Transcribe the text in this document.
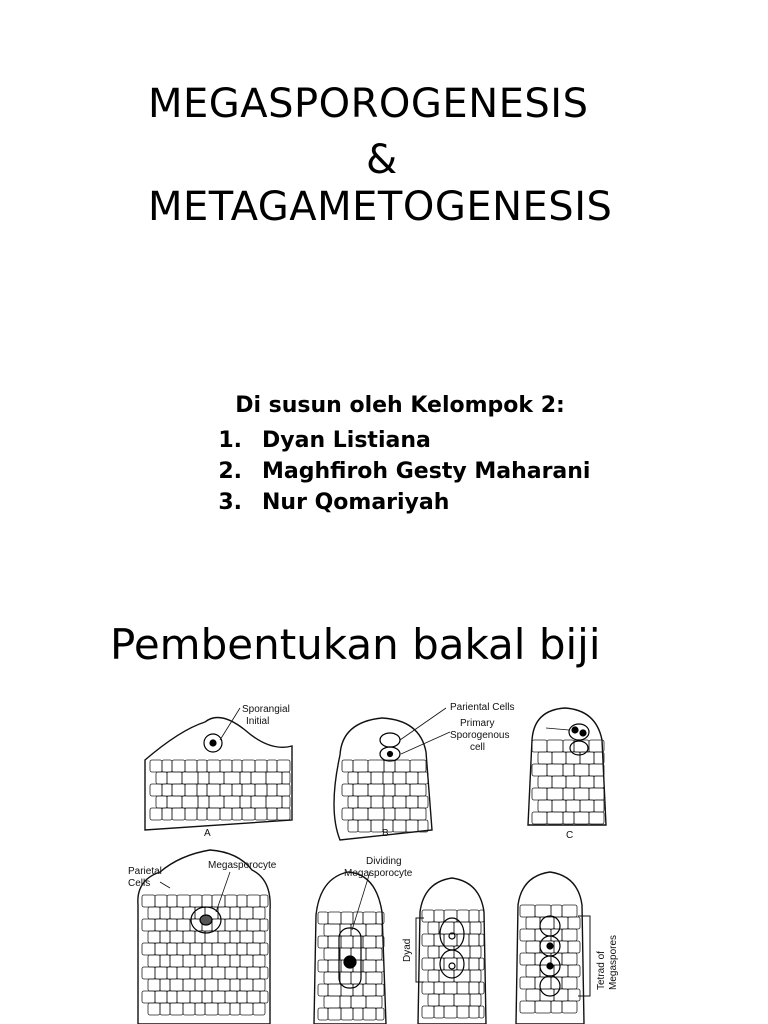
MEGASPOROGENESIS
&
METAGAMETOGENESIS

Di susun oleh Kelompok 2:

1. Dyan Listiana
2. Maghfiroh Gesty Maharani
3. Nur Qomariyah
Pembentukan bakal biji
Sporangial
Initial
Pariental Cells
Primary
Sporogenous
cell
Parietal
Cells
Megasporocyte	Dividing
Megasporocyte
Dyad
Tetrad of Megaspores
A	B	C
